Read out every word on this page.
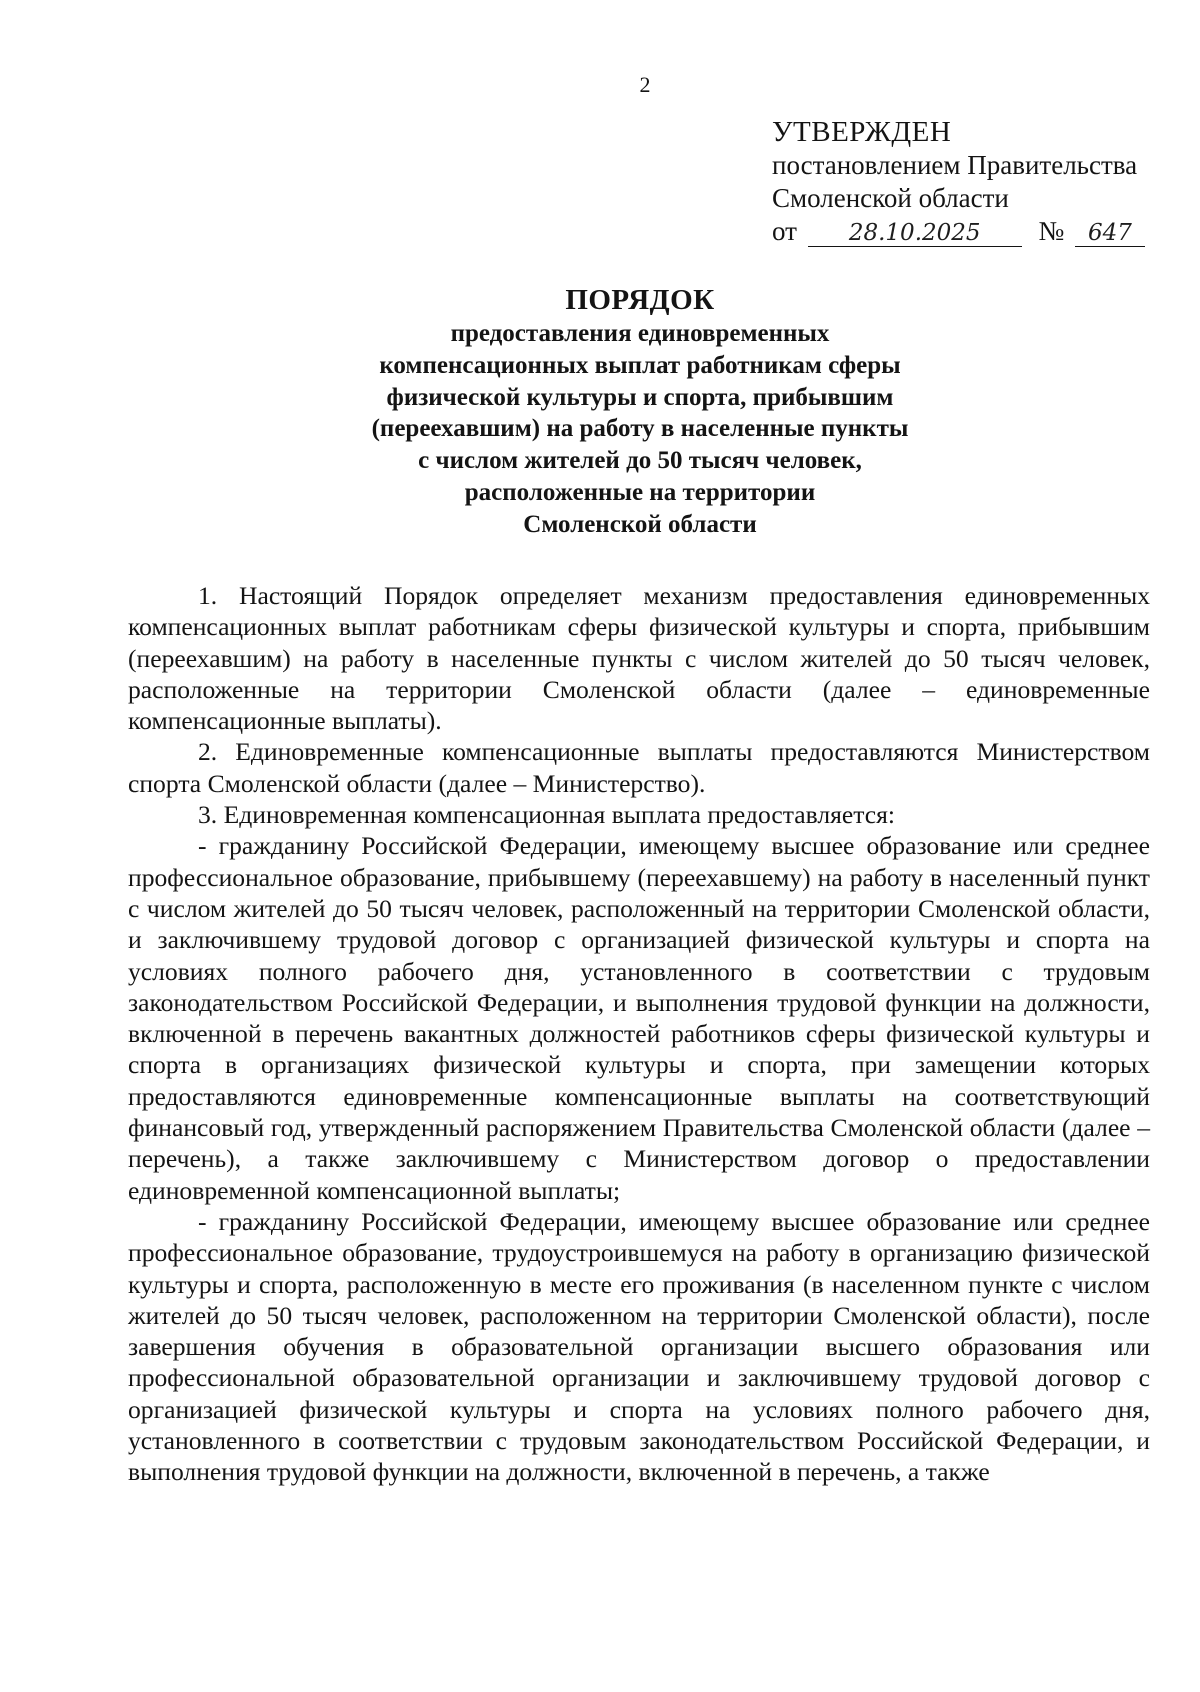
2
УТВЕРЖДЕН
постановлением Правительства
Смоленской области
от 28.10.2025 № 647
ПОРЯДОК
предоставления единовременных
компенсационных выплат работникам сферы
физической культуры и спорта, прибывшим
(переехавшим) на работу в населенные пункты
с числом жителей до 50 тысяч человек,
расположенные на территории
Смоленской области

1. Настоящий Порядок определяет механизм предоставления единовременных компенсационных выплат работникам сферы физической культуры и спорта, прибывшим (переехавшим) на работу в населенные пункты с числом жителей до 50 тысяч человек, расположенные на территории Смоленской области (далее – единовременные компенсационные выплаты).

2. Единовременные компенсационные выплаты предоставляются Министерством спорта Смоленской области (далее – Министерство).

3. Единовременная компенсационная выплата предоставляется:

- гражданину Российской Федерации, имеющему высшее образование или среднее профессиональное образование, прибывшему (переехавшему) на работу в населенный пункт с числом жителей до 50 тысяч человек, расположенный на территории Смоленской области, и заключившему трудовой договор с организацией физической культуры и спорта на условиях полного рабочего дня, установленного в соответствии с трудовым законодательством Российской Федерации, и выполнения трудовой функции на должности, включенной в перечень вакантных должностей работников сферы физической культуры и спорта в организациях физической культуры и спорта, при замещении которых предоставляются единовременные компенсационные выплаты на соответствующий финансовый год, утвержденный распоряжением Правительства Смоленской области (далее – перечень), а также заключившему с Министерством договор о предоставлении единовременной компенсационной выплаты;

- гражданину Российской Федерации, имеющему высшее образование или среднее профессиональное образование, трудоустроившемуся на работу в организацию физической культуры и спорта, расположенную в месте его проживания (в населенном пункте с числом жителей до 50 тысяч человек, расположенном на территории Смоленской области), после завершения обучения в образовательной организации высшего образования или профессиональной образовательной организации и заключившему трудовой договор с организацией физической культуры и спорта на условиях полного рабочего дня, установленного в соответствии с трудовым законодательством Российской Федерации, и выполнения трудовой функции на должности, включенной в перечень, а также
